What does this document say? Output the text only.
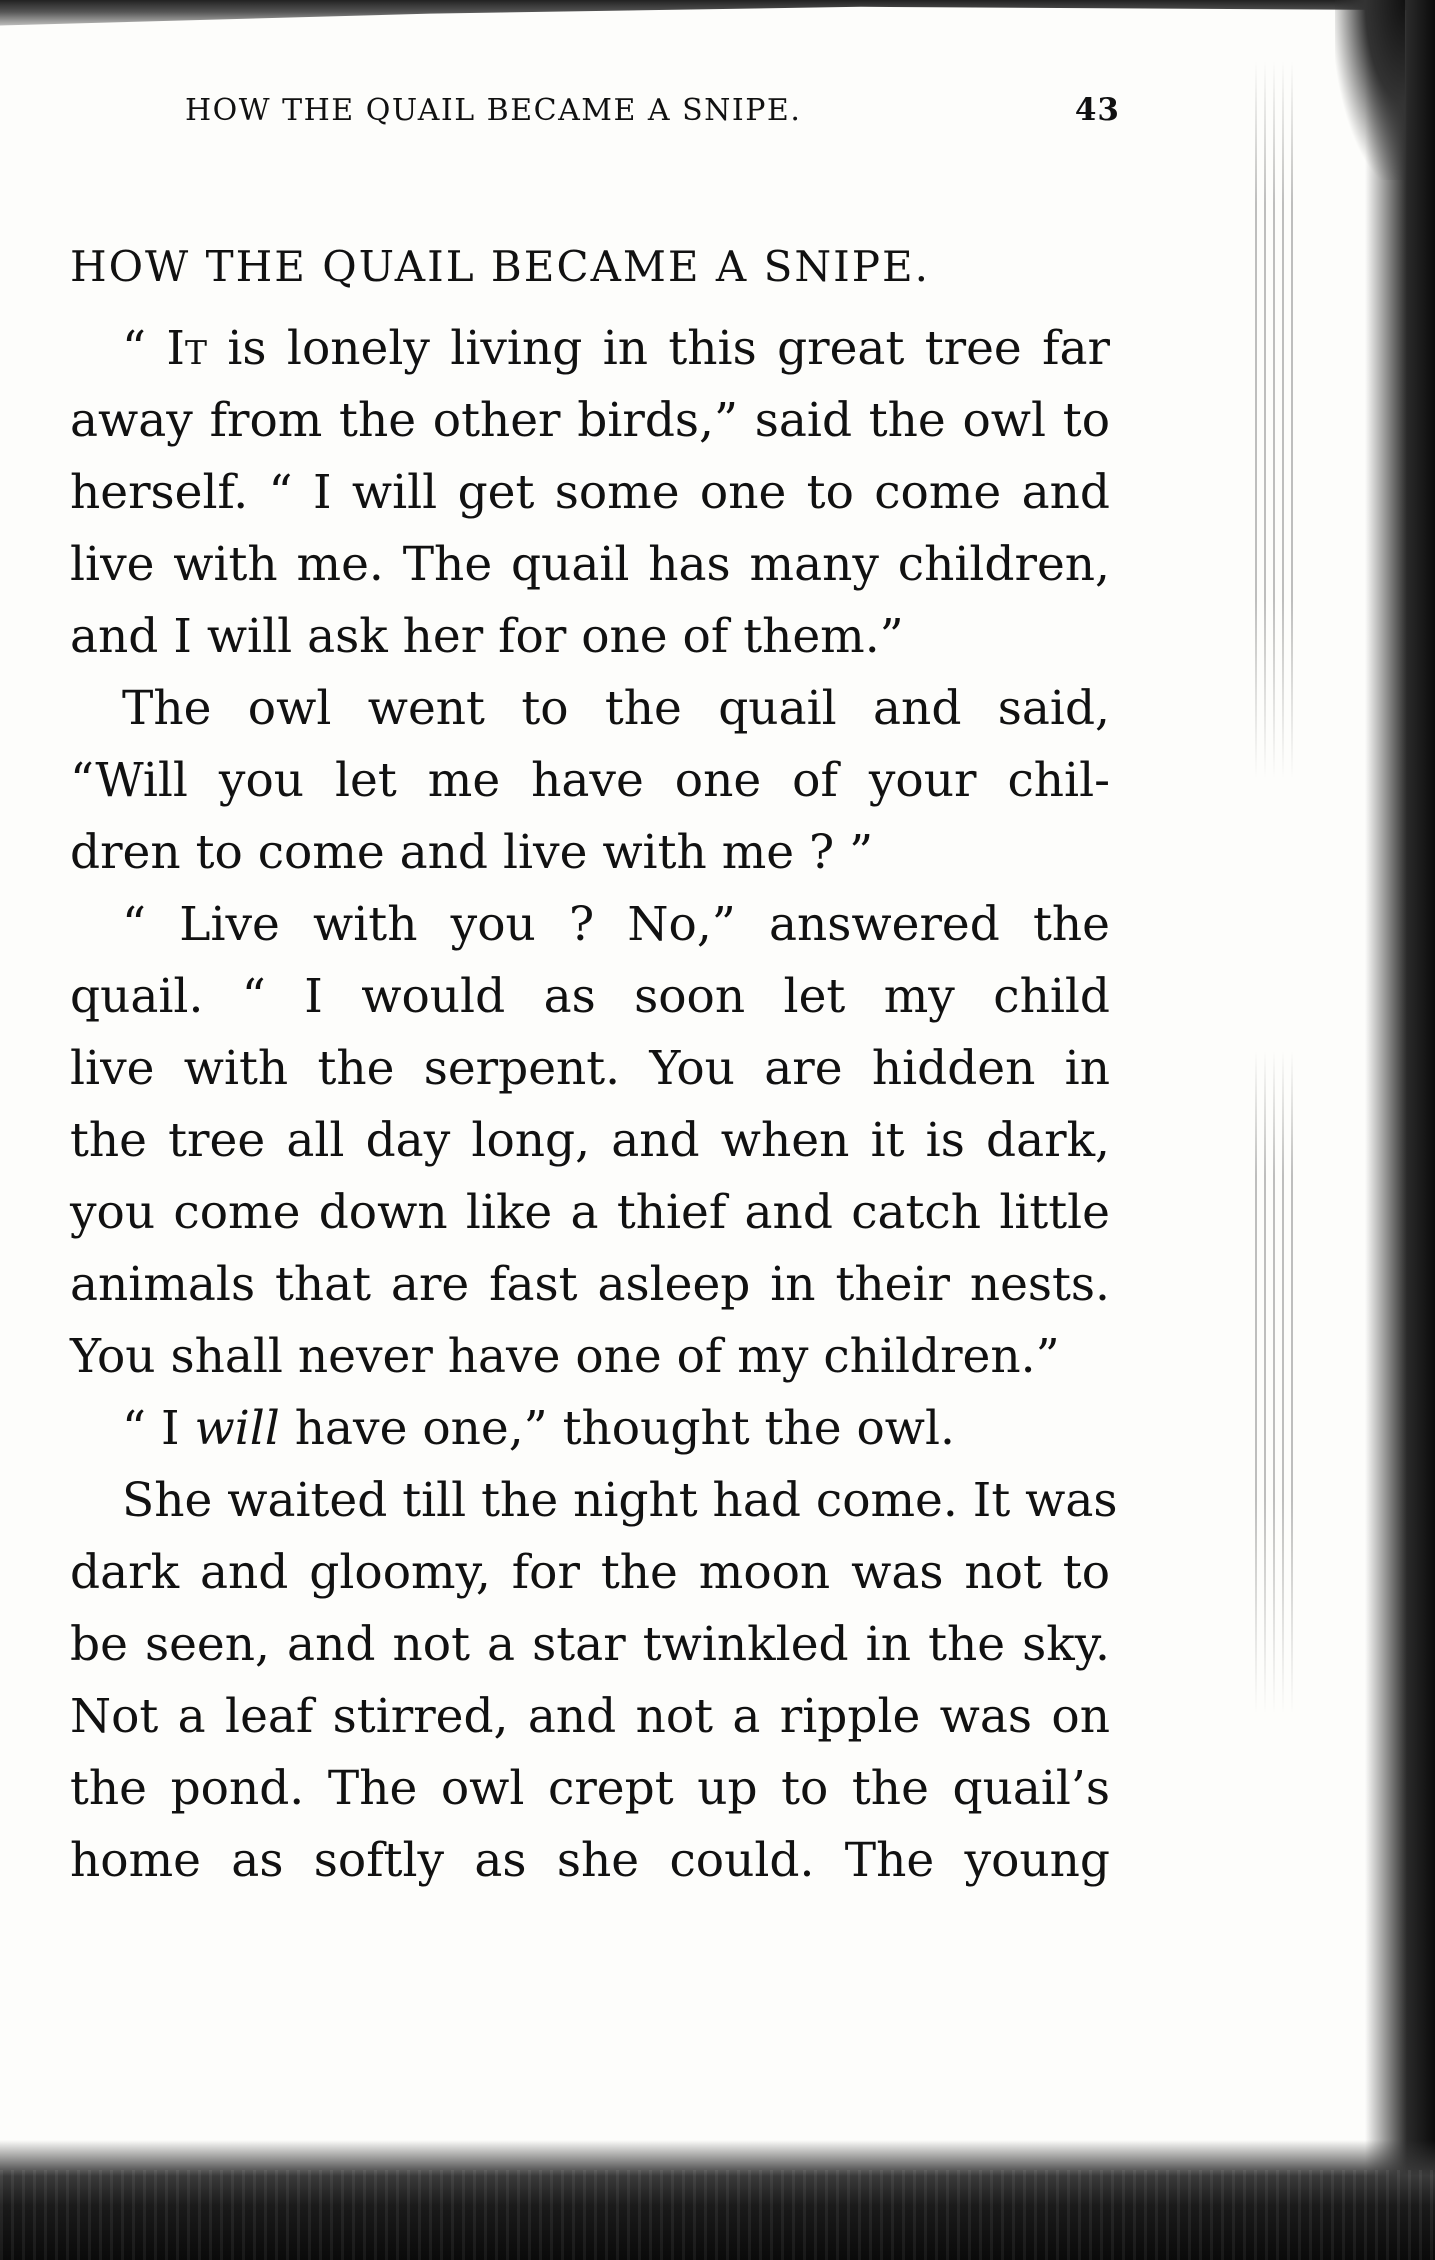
HOW THE QUAIL BECAME A SNIPE.	43
HOW THE QUAIL BECAME A SNIPE.
“ It is lonely living in this great tree far
away from the other birds,” said the owl to
herself. “ I will get some one to come and
live with me. The quail has many children,
and I will ask her for one of them.”
The owl went to the quail and said,
“Will you let me have one of your chil-
dren to come and live with me ? ”
“ Live with you ? No,” answered the
quail. “ I would as soon let my child
live with the serpent. You are hidden in
the tree all day long, and when it is dark,
you come down like a thief and catch little
animals that are fast asleep in their nests.
You shall never have one of my children.”
“ I will have one,” thought the owl.
She waited till the night had come. It was
dark and gloomy, for the moon was not to
be seen, and not a star twinkled in the sky.
Not a leaf stirred, and not a ripple was on
the pond. The owl crept up to the quail’s
home as softly as she could. The young
